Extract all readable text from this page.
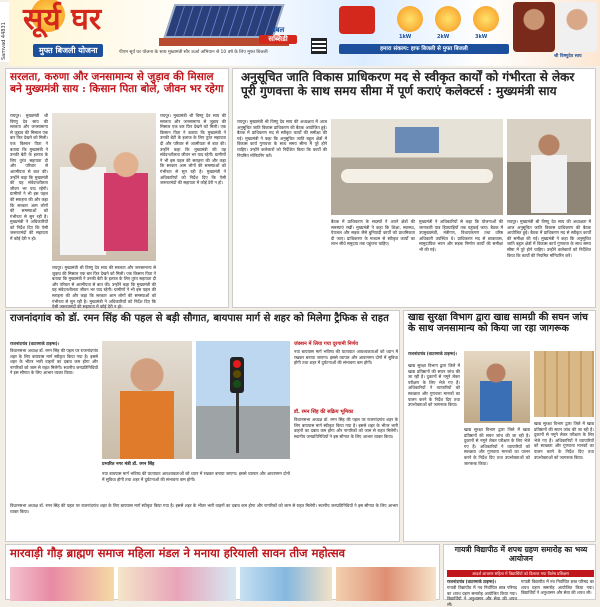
Samvad 44831
सूर्य घर
मुफ्त बिजली योजना
डबल
सब्सिडी
पीएम सूर्य घर योजना के साथ मुख्यमंत्री सौर ऊर्जा अभियान से 10 वर्ष के लिए मुफ्त बिजली
1kW	2kW	3kW
हमारा संकल्प: हाफ बिजली से मुफ्त बिजली
श्री विष्णुदेव साय
सरलता, करुणा और जनसामान्य से जुड़ाव की मिसाल बने मुख्यमंत्री साय : किसान पिता बोले, जीवन भर रहेगा
रायपुर। मुख्यमंत्री श्री विष्णु देव साय की सरलता और जनसामान्य से जुड़ाव की मिसाल एक बार फिर देखने को मिली। एक किसान पिता ने बताया कि मुख्यमंत्री ने उनकी बेटी के इलाज के लिए तुरंत सहायता दी और परिवार से आत्मीयता से बात की। उन्होंने कहा कि मुख्यमंत्री की यह संवेदनशीलता जीवन भर याद रहेगी। ग्रामीणों ने भी इस पहल की सराहना की और कहा कि सरकार आम लोगों की समस्याओं को गंभीरता से सुन रही है। मुख्यमंत्री ने अधिकारियों को निर्देश दिए कि ऐसी जरूरतमंदों की सहायता में कोई देरी न हो।
रायपुर। मुख्यमंत्री श्री विष्णु देव साय की सरलता और जनसामान्य से जुड़ाव की मिसाल एक बार फिर देखने को मिली। एक किसान पिता ने बताया कि मुख्यमंत्री ने उनकी बेटी के इलाज के लिए तुरंत सहायता दी और परिवार से आत्मीयता से बात की। उन्होंने कहा कि मुख्यमंत्री की यह संवेदनशीलता जीवन भर याद रहेगी। ग्रामीणों ने भी इस पहल की सराहना की और कहा कि सरकार आम लोगों की समस्याओं को गंभीरता से सुन रही है। मुख्यमंत्री ने अधिकारियों को निर्देश दिए कि ऐसी जरूरतमंदों की सहायता में कोई देरी न हो।
रायपुर। मुख्यमंत्री श्री विष्णु देव साय की सरलता और जनसामान्य से जुड़ाव की मिसाल एक बार फिर देखने को मिली। एक किसान पिता ने बताया कि मुख्यमंत्री ने उनकी बेटी के इलाज के लिए तुरंत सहायता दी और परिवार से आत्मीयता से बात की। उन्होंने कहा कि मुख्यमंत्री की यह संवेदनशीलता जीवन भर याद रहेगी। ग्रामीणों ने भी इस पहल की सराहना की और कहा कि सरकार आम लोगों की समस्याओं को गंभीरता से सुन रही है। मुख्यमंत्री ने अधिकारियों को निर्देश दिए कि ऐसी जरूरतमंदों की सहायता में कोई देरी न हो।
अनुसूचित जाति विकास प्राधिकरण मद से स्वीकृत कार्यों को गंभीरता से लेकर पूरी गुणवत्ता के साथ समय सीमा में पूर्ण कराएं कलेक्टर्स : मुख्यमंत्री साय
रायपुर। मुख्यमंत्री श्री विष्णु देव साय की अध्यक्षता में आज अनुसूचित जाति विकास प्राधिकरण की बैठक आयोजित हुई। बैठक में प्राधिकरण मद से स्वीकृत कार्यों की समीक्षा की गई। मुख्यमंत्री ने कहा कि अनुसूचित जाति बहुल क्षेत्रों में विकास कार्य गुणवत्ता के साथ समय सीमा में पूरे होने चाहिए। उन्होंने कलेक्टरों को निर्देशित किया कि कार्यों की नियमित मॉनिटरिंग करें।
बैठक में प्राधिकरण के सदस्यों ने अपने क्षेत्रों की समस्याएं रखीं। मुख्यमंत्री ने कहा कि शिक्षा, स्वास्थ्य, पेयजल और सड़क जैसे बुनियादी कार्यों को प्राथमिकता दी जाए। प्राधिकरण के माध्यम से स्वीकृत कार्यों का लाभ सीधे समुदाय तक पहुंचना चाहिए।
मुख्यमंत्री ने अधिकारियों से कहा कि योजनाओं की जानकारी पात्र हितग्राहियों तक पहुंचाई जाए। बैठक में उपमुख्यमंत्री, मंत्रीगण, विधायकगण तथा वरिष्ठ अधिकारी उपस्थित थे। प्राधिकरण मद से छात्रावास, सामुदायिक भवन और सड़क निर्माण कार्यों की समीक्षा भी की गई।
रायपुर। मुख्यमंत्री श्री विष्णु देव साय की अध्यक्षता में आज अनुसूचित जाति विकास प्राधिकरण की बैठक आयोजित हुई। बैठक में प्राधिकरण मद से स्वीकृत कार्यों की समीक्षा की गई। मुख्यमंत्री ने कहा कि अनुसूचित जाति बहुल क्षेत्रों में विकास कार्य गुणवत्ता के साथ समय सीमा में पूरे होने चाहिए। उन्होंने कलेक्टरों को निर्देशित किया कि कार्यों की नियमित मॉनिटरिंग करें।
राजनांदगांव को डॉ. रमन सिंह की पहल से बड़ी सौगात, बायपास मार्ग से शहर को मिलेगा ट्रैफिक से राहत
राजनांदगांव (वाटरमार्क टाइम्स)।
विधानसभा अध्यक्ष डॉ. रमन सिंह की पहल पर राजनांदगांव शहर के लिए बायपास मार्ग स्वीकृत किया गया है। इससे शहर के भीतर भारी वाहनों का दबाव कम होगा और नागरिकों को जाम से राहत मिलेगी। स्थानीय जनप्रतिनिधियों ने इस सौगात के लिए आभार व्यक्त किया।
प्रभारित नगर मंत्री डॉ. रमन सिंह
जंक्शन में लिया गया दूरगामी निर्णय
नया बायपास मार्ग भविष्य की यातायात आवश्यकताओं को ध्यान में रखकर बनाया जाएगा। इससे व्यापार और आवागमन दोनों में सुविधा होगी तथा शहर में दुर्घटनाओं की संभावना कम होगी।
डॉ. रमन सिंह की सक्रिय भूमिका
विधानसभा अध्यक्ष डॉ. रमन सिंह की पहल पर राजनांदगांव शहर के लिए बायपास मार्ग स्वीकृत किया गया है। इससे शहर के भीतर भारी वाहनों का दबाव कम होगा और नागरिकों को जाम से राहत मिलेगी। स्थानीय जनप्रतिनिधियों ने इस सौगात के लिए आभार व्यक्त किया।
नया बायपास मार्ग भविष्य की यातायात आवश्यकताओं को ध्यान में रखकर बनाया जाएगा। इससे व्यापार और आवागमन दोनों में सुविधा होगी तथा शहर में दुर्घटनाओं की संभावना कम होगी।
विधानसभा अध्यक्ष डॉ. रमन सिंह की पहल पर राजनांदगांव शहर के लिए बायपास मार्ग स्वीकृत किया गया है। इससे शहर के भीतर भारी वाहनों का दबाव कम होगा और नागरिकों को जाम से राहत मिलेगी। स्थानीय जनप्रतिनिधियों ने इस सौगात के लिए आभार व्यक्त किया।
खाद्य सुरक्षा विभाग द्वारा खाद्य सामग्री की सघन जांच के साथ जनसामान्य को किया जा रहा जागरूक
राजनांदगांव (वाटरमार्क टाइम्स)।
खाद्य सुरक्षा विभाग द्वारा जिले में खाद्य प्रतिष्ठानों की सघन जांच की जा रही है। दुकानों से नमूने लेकर परीक्षण के लिए भेजे गए हैं। अधिकारियों ने व्यापारियों को स्वच्छता और गुणवत्ता मानकों का पालन करने के निर्देश दिए तथा उपभोक्ताओं को जागरूक किया।
खाद्य सुरक्षा विभाग द्वारा जिले में खाद्य प्रतिष्ठानों की सघन जांच की जा रही है। दुकानों से नमूने लेकर परीक्षण के लिए भेजे गए हैं। अधिकारियों ने व्यापारियों को स्वच्छता और गुणवत्ता मानकों का पालन करने के निर्देश दिए तथा उपभोक्ताओं को जागरूक किया।
खाद्य सुरक्षा विभाग द्वारा जिले में खाद्य प्रतिष्ठानों की सघन जांच की जा रही है। दुकानों से नमूने लेकर परीक्षण के लिए भेजे गए हैं। अधिकारियों ने व्यापारियों को स्वच्छता और गुणवत्ता मानकों का पालन करने के निर्देश दिए तथा उपभोक्ताओं को जागरूक किया।
मारवाड़ी गौड़ ब्राह्मण समाज महिला मंडल ने मनाया हरियाली सावन तीज महोत्सव	गायत्री विद्यापीठ में शपथ ग्रहण समारोह का भव्य आयोजन
आदर्श आचरण सहिता में विद्यार्थियों को दिलाया गया विशेष प्रशिक्षण
राजनांदगांव (वाटरमार्क टाइम्स)।
गायत्री विद्यापीठ में नव निर्वाचित छात्र परिषद का शपथ ग्रहण समारोह आयोजित किया गया। विद्यार्थियों ने अनुशासन और सेवा की शपथ ली।
गायत्री विद्यापीठ में नव निर्वाचित छात्र परिषद का शपथ ग्रहण समारोह आयोजित किया गया। विद्यार्थियों ने अनुशासन और सेवा की शपथ ली।
